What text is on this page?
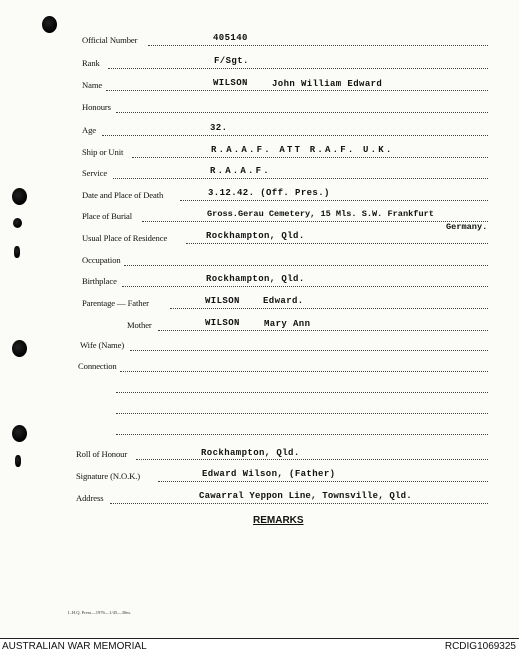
Official Number	405140
Rank	F/Sgt.
Name	WILSON	John William Edward
Honours
Age	32.
Ship or Unit	R.A.A.F. ATT R.A.F. U.K.
Service	R.A.A.F.
Date and Place of Death	3.12.42. (Off. Pres.)
Place of Burial	Gross.Gerau Cemetery, 15 Mls. S.W. Frankfurt
Germany.
Usual Place of Residence	Rockhampton, Qld.
Occupation
Birthplace	Rockhampton, Qld.
Parentage — Father	WILSON	Edward.
Mother	WILSON	Mary Ann
Wife (Name)
Connection
Roll of Honour	Rockhampton, Qld.
Signature (N.O.K.)	Edward Wilson, (Father)
Address	Cawarral Yeppon Line, Townsville, Qld.
REMARKS
L.H.Q. Press—1976—1/45—30m.
AUSTRALIAN WAR MEMORIAL	RCDIG1069325
